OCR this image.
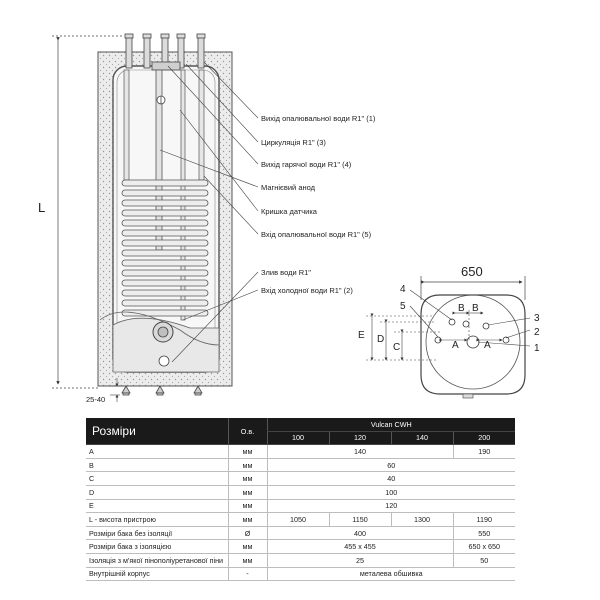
L
25-40
Вихід опалювальної води R1" (1)
Циркуляція R1" (3)
Вихід гарячої води R1" (4)
Магнієвий анод
Кришка датчика
Вхід опалювальної води R1" (5)
Злив води R1"
Вхід холодної води R1" (2)
650
B B
A	A
E D
C
4
5
3
2
1
Розміри	О.в.	Vulcan CWH			
		100	120	140	200
A	мм	140			190
B	мм	60			
C	мм	40			
D	мм	100			
E	мм	120			
L - висота пристрою	мм	1050	1150	1300	1190
Розміри бака без ізоляції	Ø	400			550
Розміри бака з ізоляцією	мм	455 x 455			650 x 650
Ізоляція з м'якої пінополіуретанової піни	мм	25			50
Внутрішній корпус	-	металева обшивка			
